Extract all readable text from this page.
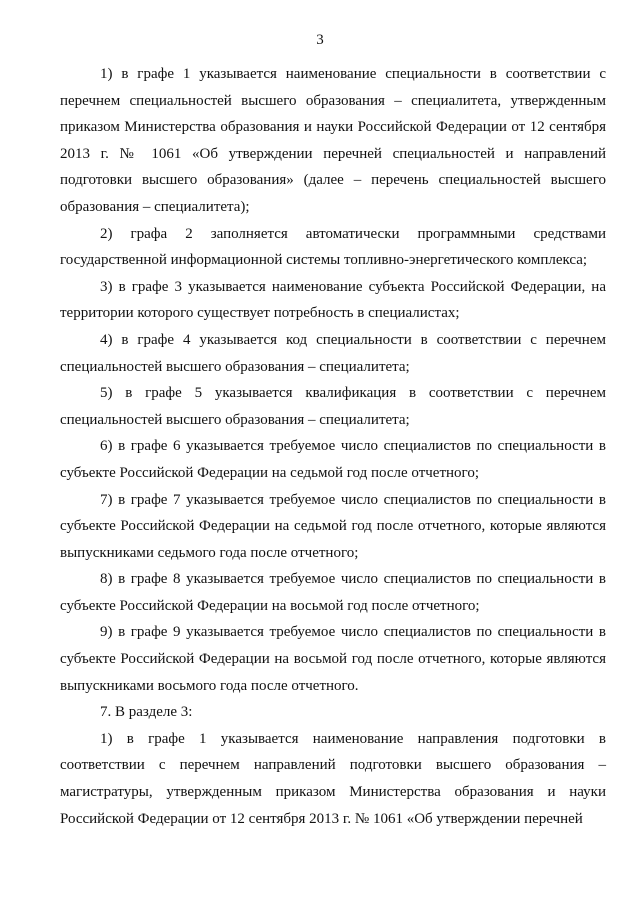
3

1) в графе 1 указывается наименование специальности в соответствии с перечнем специальностей высшего образования – специалитета, утвержденным приказом Министерства образования и науки Российской Федерации от 12 сентября 2013 г. № 1061 «Об утверждении перечней специальностей и направлений подготовки высшего образования» (далее – перечень специальностей высшего образования – специалитета);

2) графа 2 заполняется автоматически программными средствами государственной информационной системы топливно-энергетического комплекса;

3) в графе 3 указывается наименование субъекта Российской Федерации, на территории которого существует потребность в специалистах;

4) в графе 4 указывается код специальности в соответствии с перечнем специальностей высшего образования – специалитета;

5) в графе 5 указывается квалификация в соответствии с перечнем специальностей высшего образования – специалитета;

6) в графе 6 указывается требуемое число специалистов по специальности в субъекте Российской Федерации на седьмой год после отчетного;

7) в графе 7 указывается требуемое число специалистов по специальности в субъекте Российской Федерации на седьмой год после отчетного, которые являются выпускниками седьмого года после отчетного;

8) в графе 8 указывается требуемое число специалистов по специальности в субъекте Российской Федерации на восьмой год после отчетного;

9) в графе 9 указывается требуемое число специалистов по специальности в субъекте Российской Федерации на восьмой год после отчетного, которые являются выпускниками восьмого года после отчетного.

7. В разделе 3:

1) в графе 1 указывается наименование направления подготовки в соответствии с перечнем направлений подготовки высшего образования – магистратуры, утвержденным приказом Министерства образования и науки Российской Федерации от 12 сентября 2013 г. № 1061 «Об утверждении перечней
